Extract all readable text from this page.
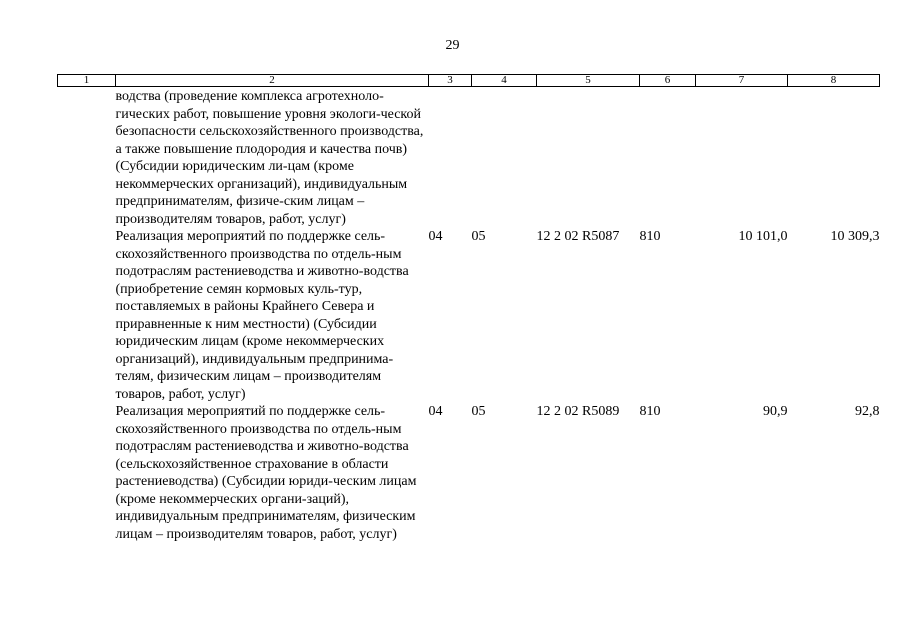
29
1	2	3	4	5	6	7	8
	водства (проведение комплекса агротехноло-гических работ, повышение уровня экологи-ческой безопасности сельскохозяйственного производства, а также повышение плодородия и качества почв) (Субсидии юридическим ли-цам (кроме некоммерческих организаций), индивидуальным предпринимателям, физиче-ским лицам – производителям товаров, работ, услуг)						
	Реализация мероприятий по поддержке сель-скохозяйственного производства по отдель-ным подотраслям растениеводства и животно-водства (приобретение семян кормовых куль-тур, поставляемых в районы Крайнего Севера и приравненные к ним местности) (Субсидии юридическим лицам (кроме некоммерческих организаций), индивидуальным предпринима-телям, физическим лицам – производителям товаров, работ, услуг)	04	05	12 2 02 R5087	810	10 101,0	10 309,3
	Реализация мероприятий по поддержке сель-скохозяйственного производства по отдель-ным подотраслям растениеводства и животно-водства (сельскохозяйственное страхование в области растениеводства) (Субсидии юриди-ческим лицам (кроме некоммерческих органи-заций), индивидуальным предпринимателям, физическим лицам – производителям товаров, работ, услуг)	04	05	12 2 02 R5089	810	90,9	92,8
